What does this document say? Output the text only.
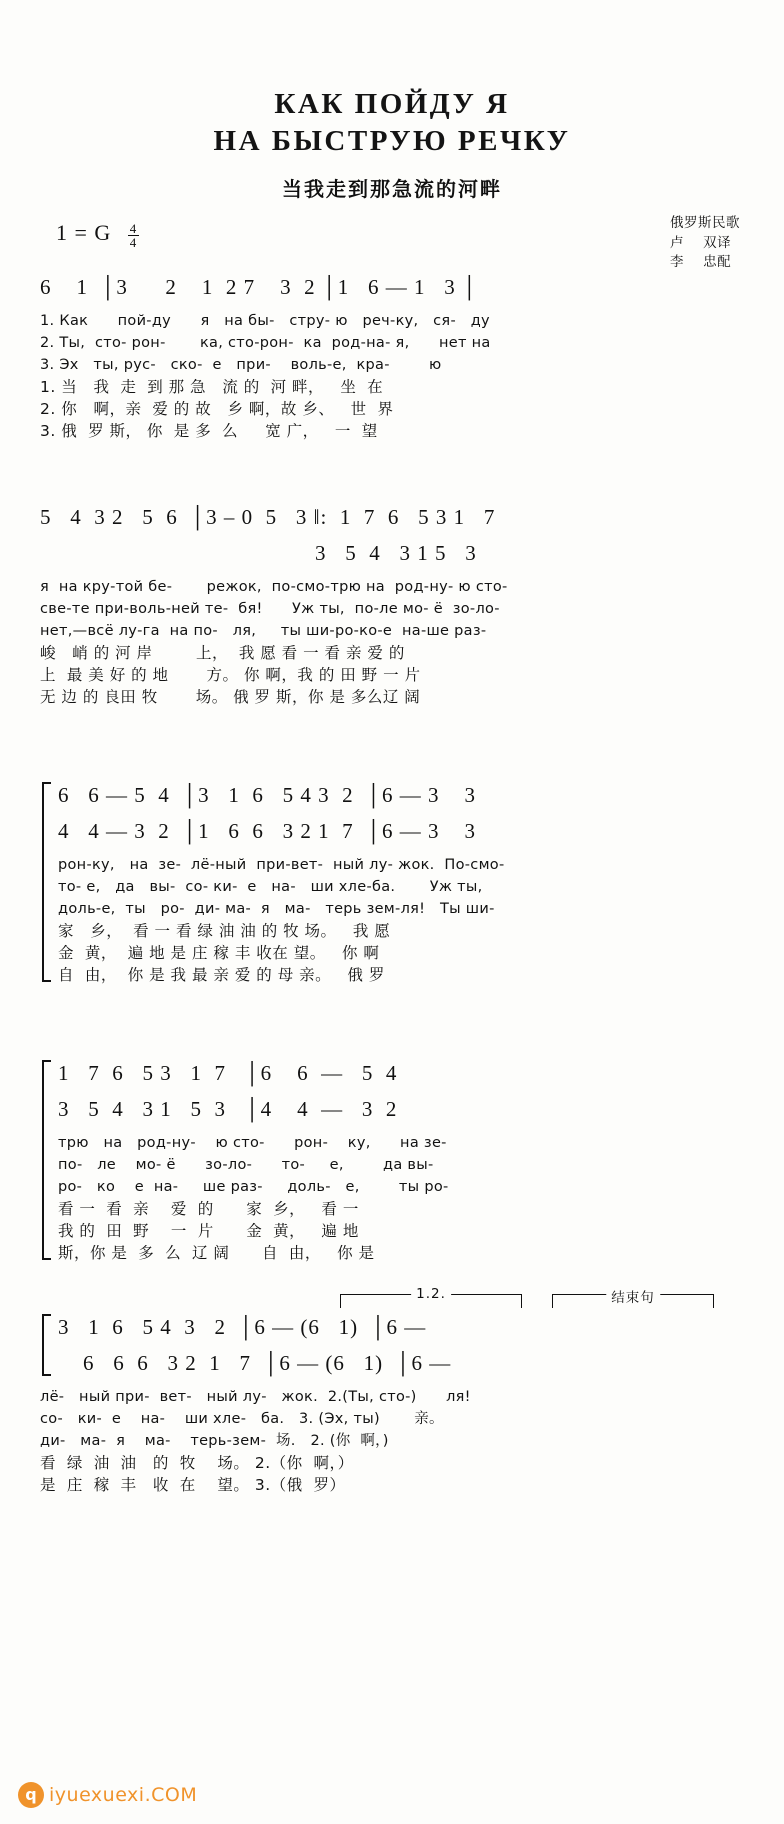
КАК ПОЙДУ Я
НА БЫСТРУЮ РЕЧКУ
当我走到那急流的河畔
1 = G $\frac{4}{4}$	俄罗斯民歌
卢    双译
李    忠配
6    1  │3      2    1  2 7    3  2 │1   6 — 1   3 │
1. Как      пой-ду      я   на бы-   стру- ю   реч-ку,   ся-   ду
2. Ты,  сто- рон-       ка, сто-рон-  ка  род-на- я,      нет на
3. Эх   ты, рус-   ско-  е   при-    воль-е,  кра-        ю
1. 当   我  走  到 那 急   流 的  河 畔，   坐  在
2. 你   啊，亲  爱 的 故   乡 啊，故 乡、   世  界
3. 俄  罗 斯， 你  是 多  么     宽 广，   一  望
5   4  3 2   5  6  │3 – 0  5   3 ‖:  1  7  6   5 3 1   7
3   5  4   3 1 5   3
я  на кру-той бе-       режок,  по-смо-трю на  род-ну- ю сто-
све-те при-воль-ней те-  бя!      Уж ты,  по-ле мо- ё  зо-ло-
нет,—всё лу-га  на по-   ля,     ты ши-ро-ко-е  на-ше раз-
峻   峭 的 河 岸        上，  我 愿 看 一 看 亲 爱 的
上  最 美 好 的 地       方。 你 啊，我 的 田 野 一 片
无 边 的 良田 牧       场。 俄 罗 斯，你 是 多么辽 阔
6   6 — 5  4  │3   1  6   5 4 3  2  │6 — 3    3
4   4 — 3  2  │1   6  6   3 2 1  7  │6 — 3    3
рон-ку,   на  зе-  лё-ный  при-вет-  ный лу- жок.  По-смо-
то- е,   да   вы-  со- ки-  е   на-   ши хле-ба.       Уж ты,
доль-е,  ты   ро-  ди- ма-  я   ма-   терь зем-ля!   Ты ши-
家   乡，  看 一 看 绿 油 油 的 牧 场。   我 愿
金  黄，  遍 地 是 庄 稼 丰 收在 望。   你 啊
自  由，  你 是 我 最 亲 爱 的 母 亲。   俄 罗
1   7  6   5 3   1  7   │6    6  —   5  4
3   5  4   3 1   5  3   │4    4  —   3  2
трю   на   род-ну-    ю сто-      рон-    ку,      на зе-
по-   ле    мо- ё      зо-ло-      то-     е,        да вы-
ро-   ко    е  на-     ше раз-     доль-   е,        ты ро-
看 一  看  亲    爱  的      家  乡，   看 一
我 的  田  野    一  片      金  黄，   遍 地
斯，你 是  多  么  辽 阔      自  由，   你 是

1.2.

	结束句

3   1  6   5 4  3   2  │6 — (6   1)  │6 —
6   6  6   3 2  1   7  │6 — (6   1)  │6 —
лё-   ный при-  вет-   ный лу-   жок.  2.(Ты, сто-)      ля!
со-   ки-  е    на-    ши хле-   ба.   3. (Эх, ты)       亲。
ди-   ма-  я    ма-    терь-зем-  场.   2. (你  啊，)
看  绿  油  油   的  牧    场。 2.（你  啊，）
是  庄  稼  丰   收  在    望。 3.（俄  罗）
q iyuexuexi.COM
